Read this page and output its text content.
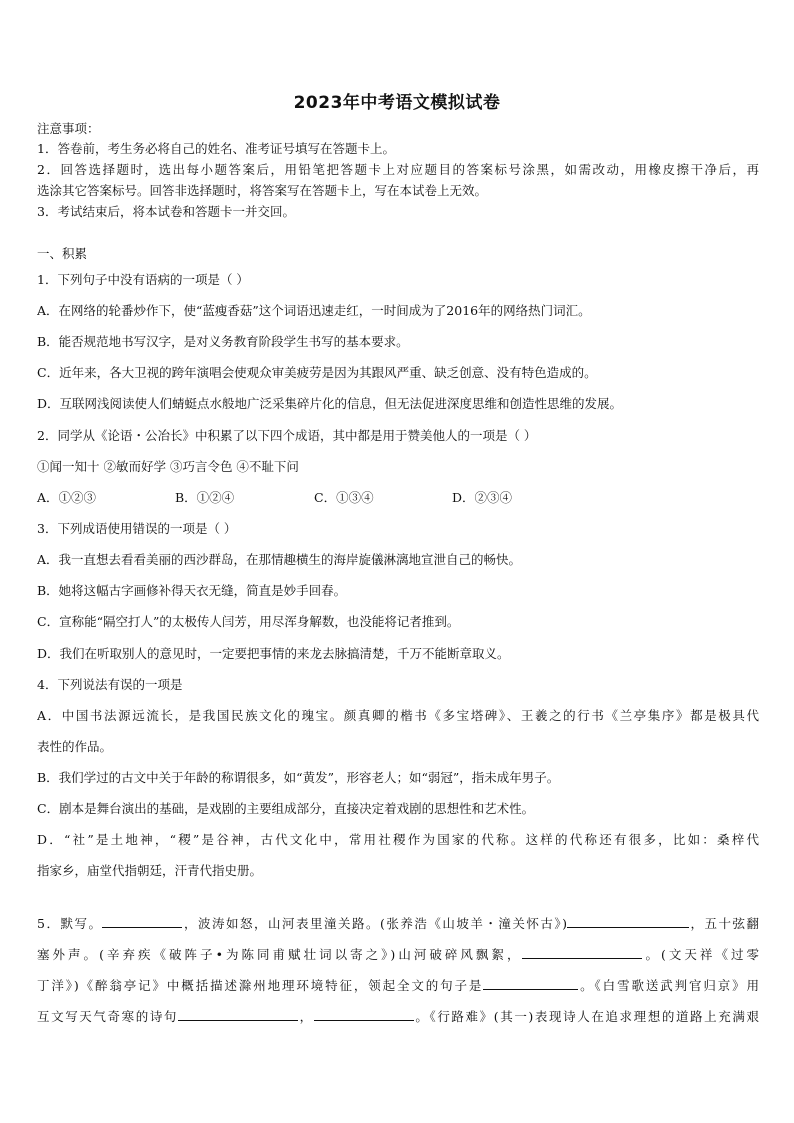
2023年中考语文模拟试卷
注意事项：
1．答卷前，考生务必将自己的姓名、准考证号填写在答题卡上。
2．回答选择题时，选出每小题答案后，用铅笔把答题卡上对应题目的答案标号涂黑，如需改动，用橡皮擦干净后，再
选涂其它答案标号。回答非选择题时，将答案写在答题卡上，写在本试卷上无效。
3．考试结束后，将本试卷和答题卡一并交回。
一、积累
1．下列句子中没有语病的一项是（ ）
A．在网络的轮番炒作下，使“蓝瘦香菇”这个词语迅速走红，一时间成为了2016年的网络热门词汇。
B．能否规范地书写汉字，是对义务教育阶段学生书写的基本要求。
C．近年来，各大卫视的跨年演唱会使观众审美疲劳是因为其跟风严重、缺乏创意、没有特色造成的。
D．互联网浅阅读使人们蜻蜓点水般地广泛采集碎片化的信息，但无法促进深度思维和创造性思维的发展。
2．同学从《论语・公冶长》中积累了以下四个成语，其中都是用于赞美他人的一项是（ ）
①闻一知十 ②敏而好学 ③巧言令色 ④不耻下问
A．①②③	B．①②④	C．①③④	D．②③④
3．下列成语使用错误的一项是（ ）
A．我一直想去看看美丽的西沙群岛，在那情趣横生的海岸旋儀淋漓地宣泄自己的畅快。
B．她将这幅古字画修补得天衣无缝，简直是妙手回春。
C．宣称能“隔空打人”的太极传人闫芳，用尽浑身解数，也没能将记者推到。
D．我们在听取别人的意见时，一定要把事情的来龙去脉搞清楚，千万不能断章取义。
4．下列说法有误的一项是
A．中国书法源远流长，是我国民族文化的瑰宝。颜真卿的楷书《多宝塔碑》、王羲之的行书《兰亭集序》都是极具代
表性的作品。
B．我们学过的古文中关于年龄的称谓很多，如“黄发”，形容老人；如“弱冠”，指未成年男子。
C．剧本是舞台演出的基础，是戏剧的主要组成部分，直接决定着戏剧的思想性和艺术性。
D．“社”是土地神，“稷”是谷神，古代文化中，常用社稷作为国家的代称。这样的代称还有很多，比如：桑梓代
指家乡，庙堂代指朝廷，汗青代指史册。
5．默写。	，波涛如怒，山河表里潼关路。(张养浩《山坡羊・潼关怀古》)	，五十弦翻
塞外声。(辛弃疾《破阵子•为陈同甫赋壮词以寄之》)山河破碎风飘絮，	。(文天祥《过零
丁洋》)《醉翁亭记》中概括描述滁州地理环境特征，领起全文的句子是	。《白雪歌送武判官归京》用
互文写天气奇寒的诗句	，	。《行路难》(其一)表现诗人在追求理想的道路上充满艰
